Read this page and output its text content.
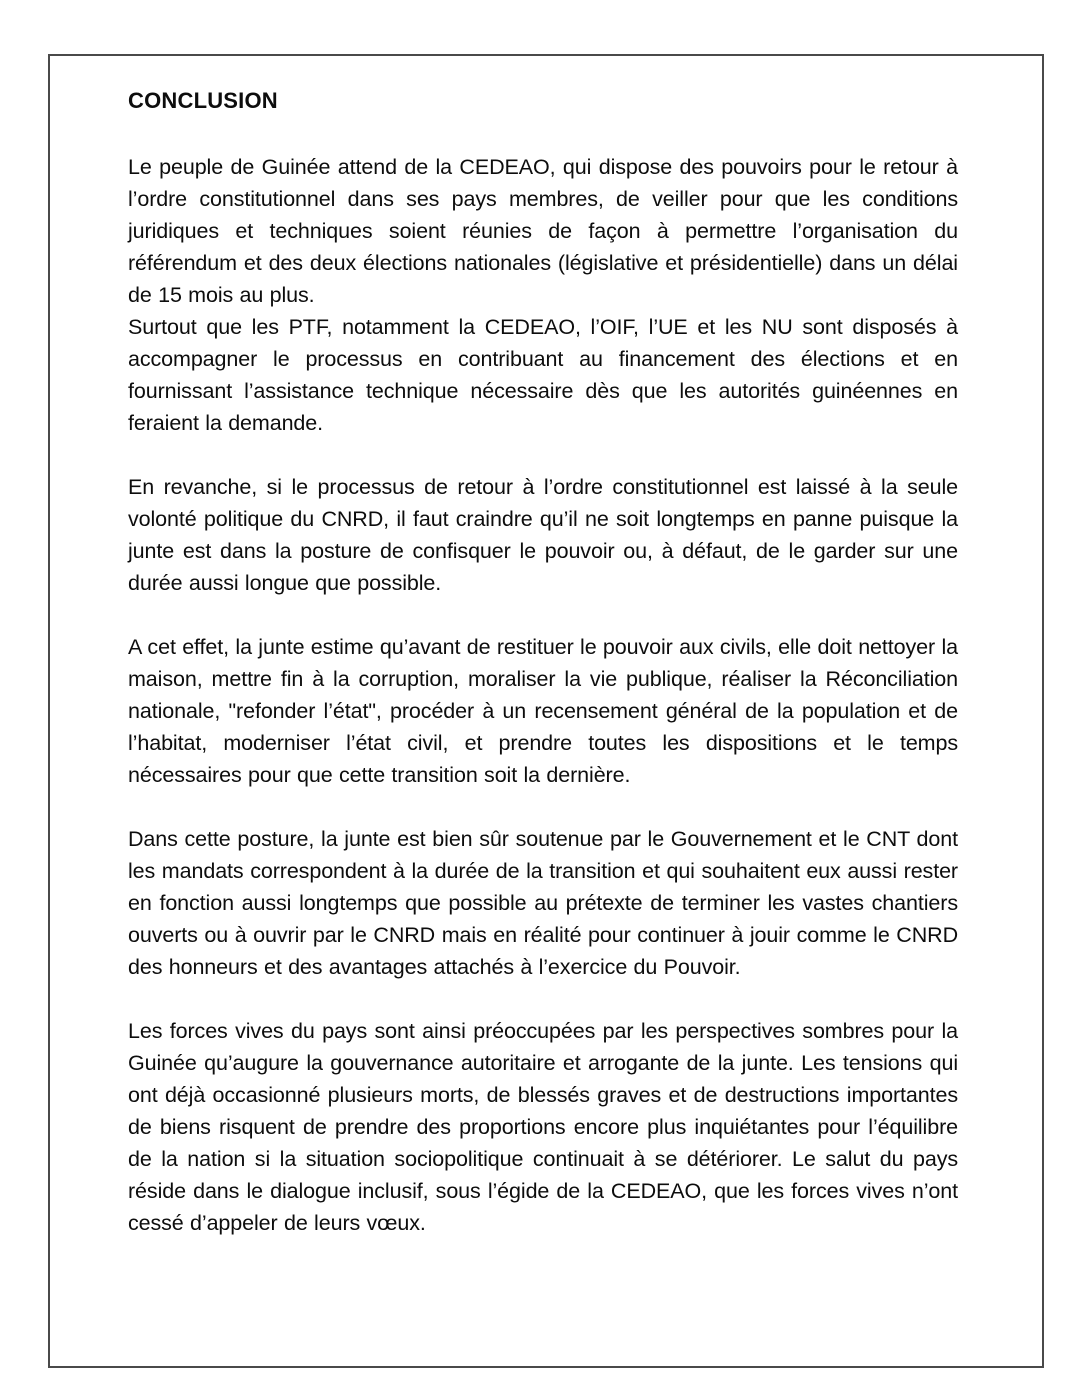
CONCLUSION

Le peuple de Guinée attend de la CEDEAO, qui dispose des pouvoirs pour le retour à l’ordre constitutionnel dans ses pays membres, de veiller pour que les conditions juridiques et techniques soient réunies de façon à permettre l’organisation du référendum et des deux élections nationales (législative et présidentielle) dans un délai de 15 mois au plus.

Surtout que les PTF, notamment la CEDEAO, l’OIF, l’UE et les NU sont disposés à accompagner le processus en contribuant au financement des élections et en fournissant l’assistance technique nécessaire dès que les autorités guinéennes en feraient la demande.

En revanche, si le processus de retour à l’ordre constitutionnel est laissé à la seule volonté politique du CNRD, il faut craindre qu’il ne soit longtemps en panne puisque la junte est dans la posture de confisquer le pouvoir ou, à défaut, de le garder sur une durée aussi longue que possible.

A cet effet, la junte estime qu’avant de restituer le pouvoir aux civils, elle doit nettoyer la maison, mettre fin à la corruption, moraliser la vie publique, réaliser la Réconciliation nationale, "refonder l’état", procéder à un recensement général de la population et de l’habitat, moderniser l’état civil, et prendre toutes les dispositions et le temps nécessaires pour que cette transition soit la dernière.

Dans cette posture, la junte est bien sûr soutenue par le Gouvernement et le CNT dont les mandats correspondent à la durée de la transition et qui souhaitent eux aussi rester en fonction aussi longtemps que possible au prétexte de terminer les vastes chantiers ouverts ou à ouvrir par le CNRD mais en réalité pour continuer à jouir comme le CNRD des honneurs et des avantages attachés à l’exercice du Pouvoir.

Les forces vives du pays sont ainsi préoccupées par les perspectives sombres pour la Guinée qu’augure la gouvernance autoritaire et arrogante de la junte. Les tensions qui ont déjà occasionné plusieurs morts, de blessés graves et de destructions importantes de biens risquent de prendre des proportions encore plus inquiétantes pour l’équilibre de la nation si la situation sociopolitique continuait à se détériorer. Le salut du pays réside dans le dialogue inclusif, sous l’égide de la CEDEAO, que les forces vives n’ont cessé d’appeler de leurs vœux.
